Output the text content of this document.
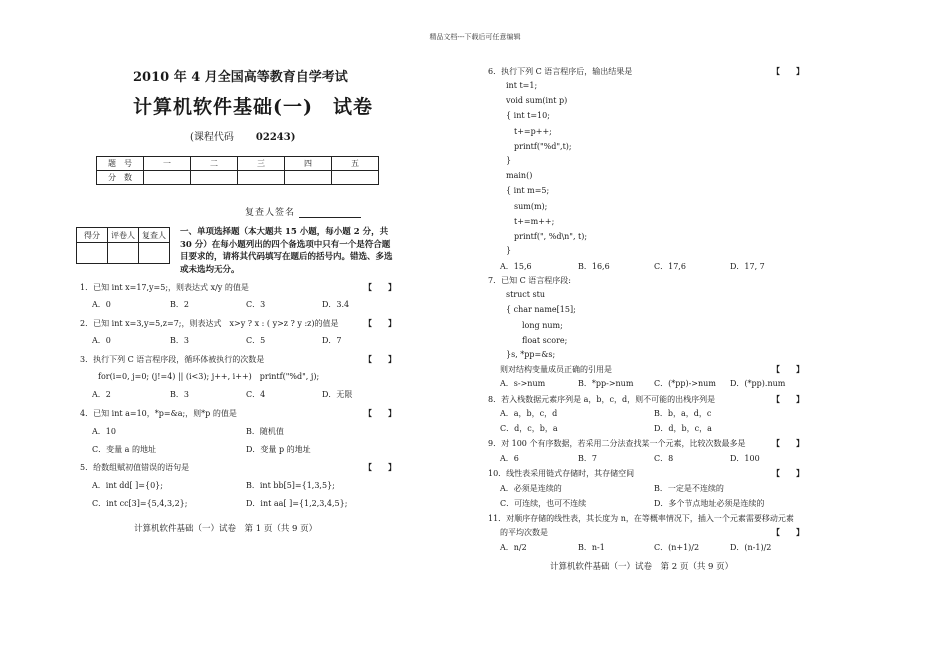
精品文档---下载后可任意编辑
2010 年 4 月全国高等教育自学考试
计算机软件基础(一)　试卷
(课程代码 02243)
题　号	一	二	三	四	五
分　数					
复查人签名
得分	评卷人	复查人
		一、单项选择题（本大题共 15 小题，每小题 2 分，共 30 分）在每小题列出的四个备选项中只有一个是符合题目要求的，请将其代码填写在题后的括号内。错选、多选或未选均无分。
1．已知 int x=17,y=5;，则表达式 x/y 的值是	【　　】
A．0	B．2	C．3	D．3.4
2．已知 int x=3,y=5,z=7;，则表达式　x>y ? x : ( y>z ? y :z)的值是	【　　】
A．0	B．3	C．5	D．7
3．执行下列 C 语言程序段，循环体被执行的次数是	【　　】
for(i=0, j=0; (j!=4) || (i<3); j++, i++)　printf("%d", j);
A．2	B．3	C．4	D．无限
4．已知 int a=10，*p=&a;，则*p 的值是	【　　】
A．10	B．随机值
C．变量 a 的地址	D．变量 p 的地址
5．给数组赋初值错误的语句是	【　　】
A．int dd[ ]={0};	B．int bb[5]={1,3,5};
C．int cc[3]={5,4,3,2};	D．int aa[ ]={1,2,3,4,5};
计算机软件基础（一）试卷　第 1 页（共 9 页）
6．执行下列 C 语言程序后，输出结果是	【　　】
int t=1;
void sum(int p)
{ int t=10;
　t+=p++;
　printf("%d",t);
}
main()
{ int m=5;
　sum(m);
　t+=m++;
　printf(", %d\n", t);
}
A．15,6	B．16,6	C．17,6	D．17, 7
7．已知 C 语言程序段:
struct stu
{ char name[15];
　long num;
　float score;
}s, *pp=&s;
则对结构变量成员正确的引用是	【　　】
A．s->num	B．*pp->num	C．(*pp)->num D．(*pp).num
8．若入栈数据元素序列是 a，b，c，d，则不可能的出栈序列是	【　　】
A．a，b，c，d	B．b，a，d，c
C．d，c，b，a	D．d，b，c，a
9．对 100 个有序数据，若采用二分法查找某一个元素，比较次数最多是	【　　】
A．6	B．7	C．8	D．100
10．线性表采用链式存储时，其存储空间	【　　】
A．必须是连续的	B．一定是不连续的
C．可连续，也可不连续	D．多个节点地址必须是连续的
11．对顺序存储的线性表，其长度为 n，在等概率情况下，插入一个元素需要移动元素
的平均次数是	【　　】
A．n/2	B．n-1	C．(n+1)/2	D．(n-1)/2
计算机软件基础（一）试卷　第 2 页（共 9 页）
